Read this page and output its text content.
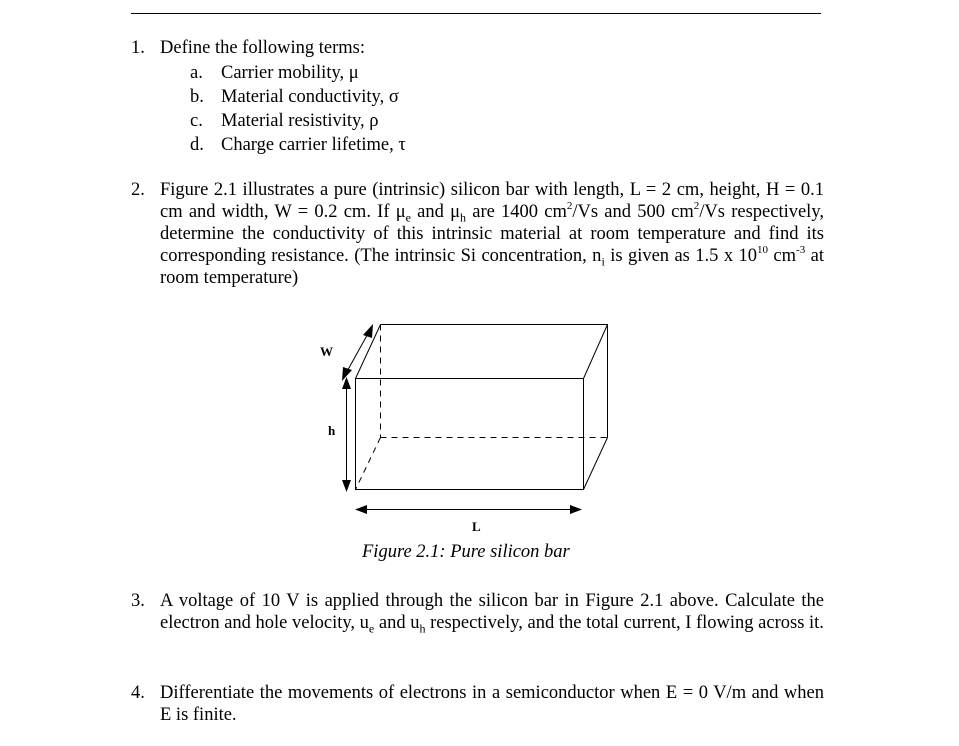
1. Define the following terms:
a. Carrier mobility, μ
b. Material conductivity, σ
c. Material resistivity, ρ
d. Charge carrier lifetime, τ
2. Figure 2.1 illustrates a pure (intrinsic) silicon bar with length, L = 2 cm, height, H = 0.1 cm and width, W = 0.2 cm. If $\mu_e$ and $\mu_h$ are 1400 $cm^2/Vs$ and 500 $cm^2/Vs$ respectively, determine the conductivity of this intrinsic material at room temperature and find its corresponding resistance. (The intrinsic Si concentration, $n_i$ is given as 1.5 x $10^{10}$ $cm^{-3}$ at room temperature)
W
h
L
Figure 2.1: Pure silicon bar
3. A voltage of 10 V is applied through the silicon bar in Figure 2.1 above. Calculate the electron and hole velocity, $u_e$ and $u_h$ respectively, and the total current, I flowing across it.
4. Differentiate the movements of electrons in a semiconductor when E = 0 V/m and when E is finite.
